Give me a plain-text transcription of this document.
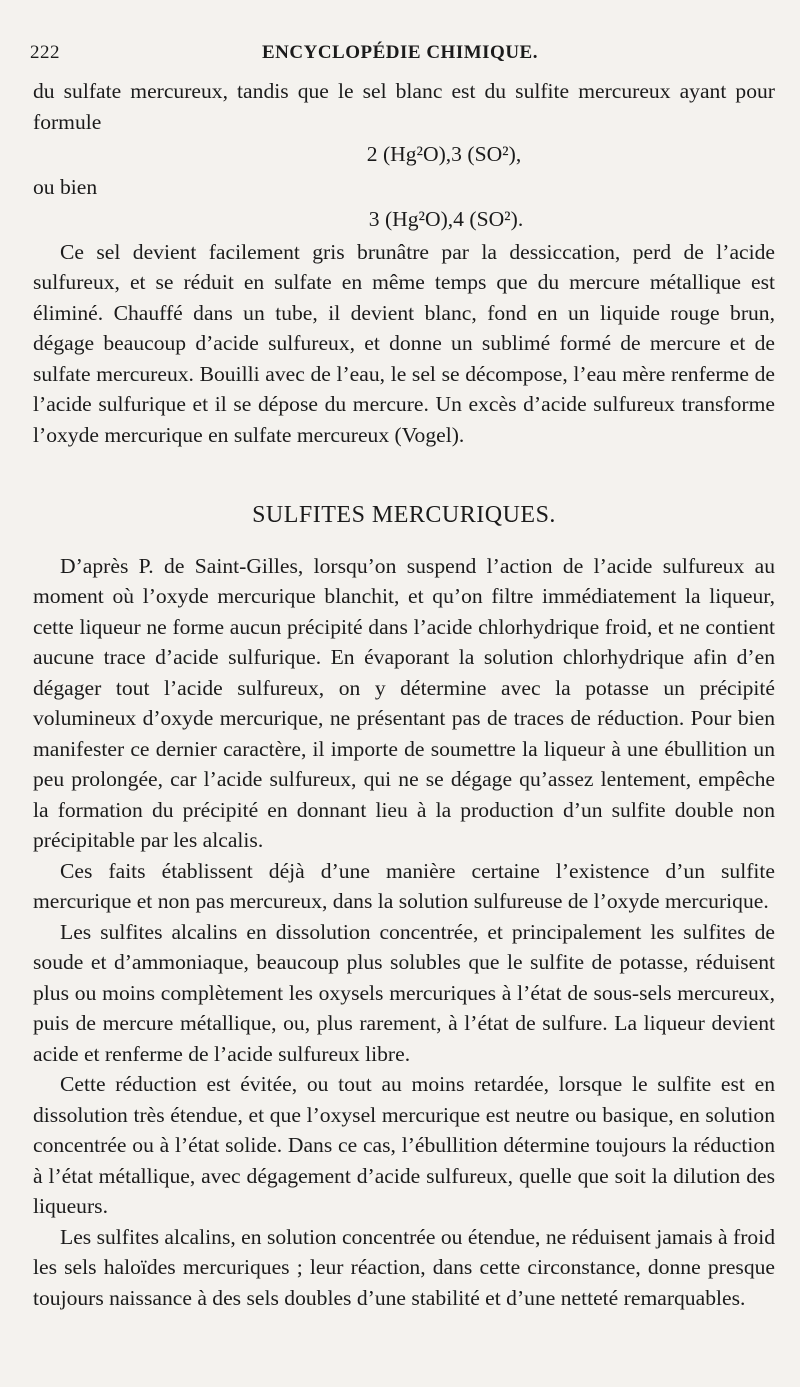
222	ENCYCLOPÉDIE CHIMIQUE.

du sulfate mercureux, tandis que le sel blanc est du sulfite mercureux ayant pour formule

2 (Hg²O),3 (SO²),

ou bien

3 (Hg²O),4 (SO²).

Ce sel devient facilement gris brunâtre par la dessiccation, perd de l’acide sulfureux, et se réduit en sulfate en même temps que du mercure métallique est éliminé. Chauffé dans un tube, il devient blanc, fond en un liquide rouge brun, dégage beaucoup d’acide sulfureux, et donne un sublimé formé de mercure et de sulfate mercureux. Bouilli avec de l’eau, le sel se décompose, l’eau mère renferme de l’acide sulfurique et il se dépose du mercure. Un excès d’acide sulfureux transforme l’oxyde mercurique en sulfate mercureux (Vogel).

SULFITES MERCURIQUES.

D’après P. de Saint-Gilles, lorsqu’on suspend l’action de l’acide sulfureux au moment où l’oxyde mercurique blanchit, et qu’on filtre immédiatement la liqueur, cette liqueur ne forme aucun précipité dans l’acide chlorhydrique froid, et ne contient aucune trace d’acide sulfurique. En évaporant la solution chlorhydrique afin d’en dégager tout l’acide sulfureux, on y détermine avec la potasse un précipité volumineux d’oxyde mercurique, ne présentant pas de traces de réduction. Pour bien manifester ce dernier caractère, il importe de soumettre la liqueur à une ébullition un peu prolongée, car l’acide sulfureux, qui ne se dégage qu’assez lentement, empêche la formation du précipité en donnant lieu à la production d’un sulfite double non précipitable par les alcalis.

Ces faits établissent déjà d’une manière certaine l’existence d’un sulfite mercurique et non pas mercureux, dans la solution sulfureuse de l’oxyde mercurique.

Les sulfites alcalins en dissolution concentrée, et principalement les sulfites de soude et d’ammoniaque, beaucoup plus solubles que le sulfite de potasse, réduisent plus ou moins complètement les oxysels mercuriques à l’état de sous-sels mercureux, puis de mercure métallique, ou, plus rarement, à l’état de sulfure. La liqueur devient acide et renferme de l’acide sulfureux libre.

Cette réduction est évitée, ou tout au moins retardée, lorsque le sulfite est en dissolution très étendue, et que l’oxysel mercurique est neutre ou basique, en solution concentrée ou à l’état solide. Dans ce cas, l’ébullition détermine toujours la réduction à l’état métallique, avec dégagement d’acide sulfureux, quelle que soit la dilution des liqueurs.

Les sulfites alcalins, en solution concentrée ou étendue, ne réduisent jamais à froid les sels haloïdes mercuriques ; leur réaction, dans cette circonstance, donne presque toujours naissance à des sels doubles d’une stabilité et d’une netteté remarquables.
